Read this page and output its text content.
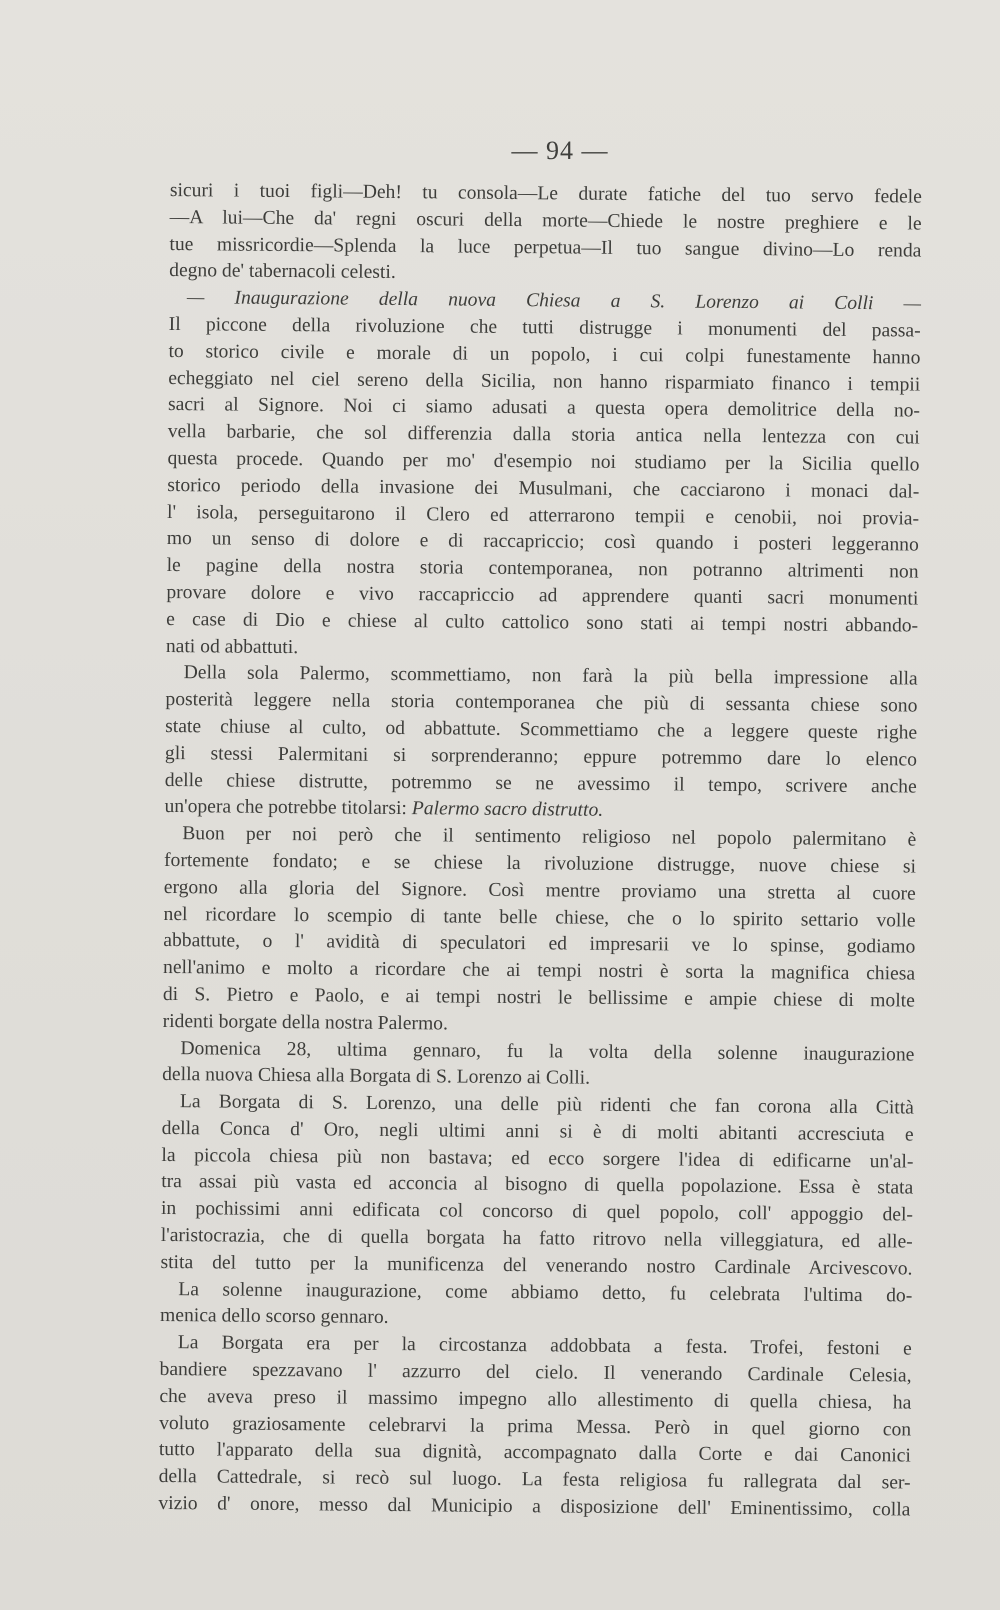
— 94 —
sicuri i tuoi figli—Deh! tu consola—Le durate fatiche del tuo servo fedele
—A lui—Che da' regni oscuri della morte—Chiede le nostre preghiere e le
tue missricordie—Splenda la luce perpetua—Il tuo sangue divino—Lo renda
degno de' tabernacoli celesti.
— Inaugurazione della nuova Chiesa a S. Lorenzo ai Colli —
Il piccone della rivoluzione che tutti distrugge i monumenti del passa-
to storico civile e morale di un popolo, i cui colpi funestamente hanno
echeggiato nel ciel sereno della Sicilia, non hanno risparmiato financo i tempii
sacri al Signore. Noi ci siamo adusati a questa opera demolitrice della no-
vella barbarie, che sol differenzia dalla storia antica nella lentezza con cui
questa procede. Quando per mo' d'esempio noi studiamo per la Sicilia quello
storico periodo della invasione dei Musulmani, che cacciarono i monaci dal-
l' isola, perseguitarono il Clero ed atterrarono tempii e cenobii, noi provia-
mo un senso di dolore e di raccapriccio; così quando i posteri leggeranno
le pagine della nostra storia contemporanea, non potranno altrimenti non
provare dolore e vivo raccapriccio ad apprendere quanti sacri monumenti
e case di Dio e chiese al culto cattolico sono stati ai tempi nostri abbando-
nati od abbattuti.
Della sola Palermo, scommettiamo, non farà la più bella impressione alla
posterità leggere nella storia contemporanea che più di sessanta chiese sono
state chiuse al culto, od abbattute. Scommettiamo che a leggere queste righe
gli stessi Palermitani si sorprenderanno; eppure potremmo dare lo elenco
delle chiese distrutte, potremmo se ne avessimo il tempo, scrivere anche
un'opera che potrebbe titolarsi: Palermo sacro distrutto.
Buon per noi però che il sentimento religioso nel popolo palermitano è
fortemente fondato; e se chiese la rivoluzione distrugge, nuove chiese si
ergono alla gloria del Signore. Così mentre proviamo una stretta al cuore
nel ricordare lo scempio di tante belle chiese, che o lo spirito settario volle
abbattute, o l' avidità di speculatori ed impresarii ve lo spinse, godiamo
nell'animo e molto a ricordare che ai tempi nostri è sorta la magnifica chiesa
di S. Pietro e Paolo, e ai tempi nostri le bellissime e ampie chiese di molte
ridenti borgate della nostra Palermo.
Domenica 28, ultima gennaro, fu la volta della solenne inaugurazione
della nuova Chiesa alla Borgata di S. Lorenzo ai Colli.
La Borgata di S. Lorenzo, una delle più ridenti che fan corona alla Città
della Conca d' Oro, negli ultimi anni si è di molti abitanti accresciuta e
la piccola chiesa più non bastava; ed ecco sorgere l'idea di edificarne un'al-
tra assai più vasta ed acconcia al bisogno di quella popolazione. Essa è stata
in pochissimi anni edificata col concorso di quel popolo, coll' appoggio del-
l'aristocrazia, che di quella borgata ha fatto ritrovo nella villeggiatura, ed alle-
stita del tutto per la munificenza del venerando nostro Cardinale Arcivescovo.
La solenne inaugurazione, come abbiamo detto, fu celebrata l'ultima do-
menica dello scorso gennaro.
La Borgata era per la circostanza addobbata a festa. Trofei, festoni e
bandiere spezzavano l' azzurro del cielo. Il venerando Cardinale Celesia,
che aveva preso il massimo impegno allo allestimento di quella chiesa, ha
voluto graziosamente celebrarvi la prima Messa. Però in quel giorno con
tutto l'apparato della sua dignità, accompagnato dalla Corte e dai Canonici
della Cattedrale, si recò sul luogo. La festa religiosa fu rallegrata dal ser-
vizio d' onore, messo dal Municipio a disposizione dell' Eminentissimo, colla
